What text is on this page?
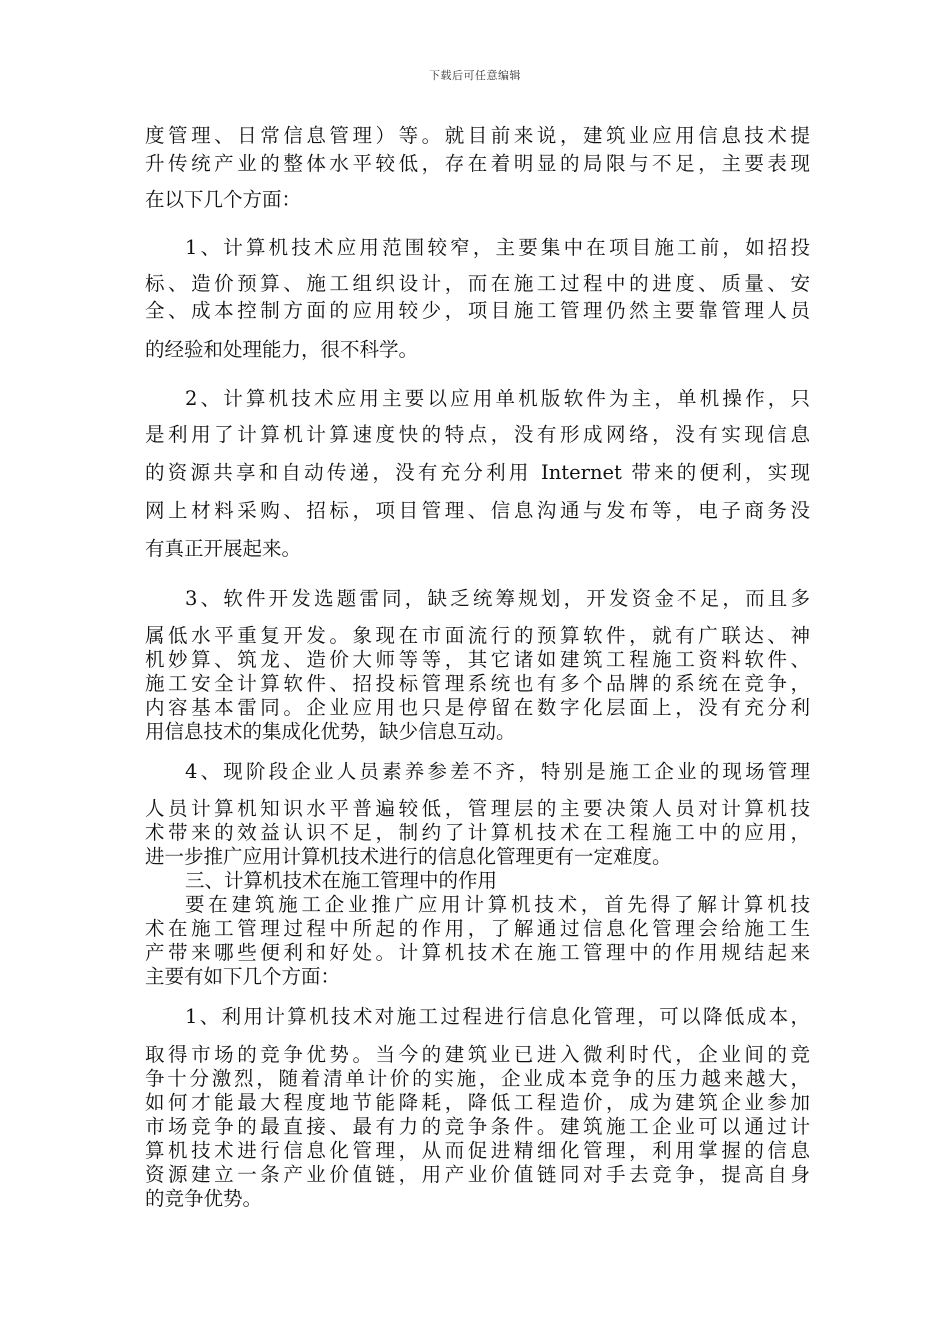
下载后可任意编辑
度管理、日常信息管理）等。就目前来说，建筑业应用信息技术提
升传统产业的整体水平较低，存在着明显的局限与不足，主要表现
在以下几个方面：
1、计算机技术应用范围较窄，主要集中在项目施工前，如招投
标、造价预算、施工组织设计，而在施工过程中的进度、质量、安
全、成本控制方面的应用较少，项目施工管理仍然主要靠管理人员
的经验和处理能力，很不科学。
2、计算机技术应用主要以应用单机版软件为主，单机操作，只
是利用了计算机计算速度快的特点，没有形成网络，没有实现信息
的资源共享和自动传递，没有充分利用 Internet 带来的便利，实现
网上材料采购、招标，项目管理、信息沟通与发布等，电子商务没
有真正开展起来。
3、软件开发选题雷同，缺乏统筹规划，开发资金不足，而且多
属低水平重复开发。象现在市面流行的预算软件，就有广联达、神
机妙算、筑龙、造价大师等等，其它诸如建筑工程施工资料软件、
施工安全计算软件、招投标管理系统也有多个品牌的系统在竞争，
内容基本雷同。企业应用也只是停留在数字化层面上，没有充分利
用信息技术的集成化优势，缺少信息互动。
4、现阶段企业人员素养参差不齐，特别是施工企业的现场管理
人员计算机知识水平普遍较低，管理层的主要决策人员对计算机技
术带来的效益认识不足，制约了计算机技术在工程施工中的应用，
进一步推广应用计算机技术进行的信息化管理更有一定难度。
三、计算机技术在施工管理中的作用
要在建筑施工企业推广应用计算机技术，首先得了解计算机技
术在施工管理过程中所起的作用，了解通过信息化管理会给施工生
产带来哪些便利和好处。计算机技术在施工管理中的作用规结起来
主要有如下几个方面：
1、利用计算机技术对施工过程进行信息化管理，可以降低成本，
取得市场的竞争优势。当今的建筑业已进入微利时代，企业间的竞
争十分激烈，随着清单计价的实施，企业成本竞争的压力越来越大，
如何才能最大程度地节能降耗，降低工程造价，成为建筑企业参加
市场竞争的最直接、最有力的竞争条件。建筑施工企业可以通过计
算机技术进行信息化管理，从而促进精细化管理，利用掌握的信息
资源建立一条产业价值链，用产业价值链同对手去竞争，提高自身
的竞争优势。
